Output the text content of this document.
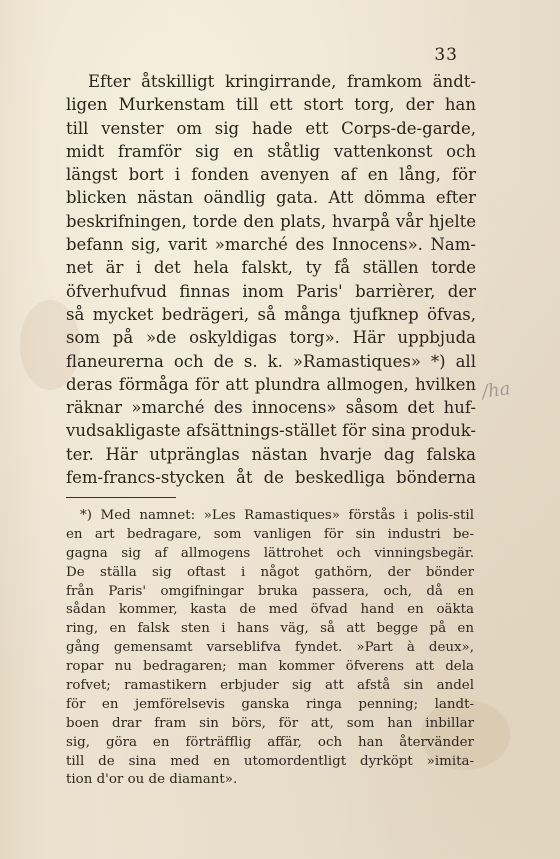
33
Efter åtskilligt kringirrande, framkom ändt-
ligen Murkenstam till ett stort torg, der han
till venster om sig hade ett Corps-de-garde,
midt framför sig en ståtlig vattenkonst och
längst bort i fonden avenyen af en lång, för
blicken nästan oändlig gata. Att dömma efter
beskrifningen, torde den plats, hvarpå vår hjelte
befann sig, varit »marché des Innocens». Nam-
net är i det hela falskt, ty få ställen torde
öfverhufvud finnas inom Paris' barrièrer, der
så mycket bedrägeri, så många tjufknep öfvas,
som på »de oskyldigas torg». Här uppbjuda
flaneurerna och de s. k. »Ramastiques» *) all
deras förmåga för att plundra allmogen, hvilken
räknar »marché des innocens» såsom det huf-
vudsakligaste afsättnings-stället för sina produk-
ter. Här utpränglas nästan hvarje dag falska
fem-francs-stycken åt de beskedliga bönderna
*) Med namnet: »Les Ramastiques» förstås i polis-stil
en art bedragare, som vanligen för sin industri be-
gagna sig af allmogens lättrohet och vinningsbegär.
De ställa sig oftast i något gathörn, der bönder
från Paris' omgifningar bruka passera, och, då en
sådan kommer, kasta de med öfvad hand en oäkta
ring, en falsk sten i hans väg, så att begge på en
gång gemensamt varseblifva fyndet. »Part à deux»,
ropar nu bedragaren; man kommer öfverens att dela
rofvet; ramastikern erbjuder sig att afstå sin andel
för en jemförelsevis ganska ringa penning; landt-
boen drar fram sin börs, för att, som han inbillar
sig, göra en förträfflig affär, och han återvänder
till de sina med en utomordentligt dyrköpt »imita-
tion d'or ou de diamant».
/ha
